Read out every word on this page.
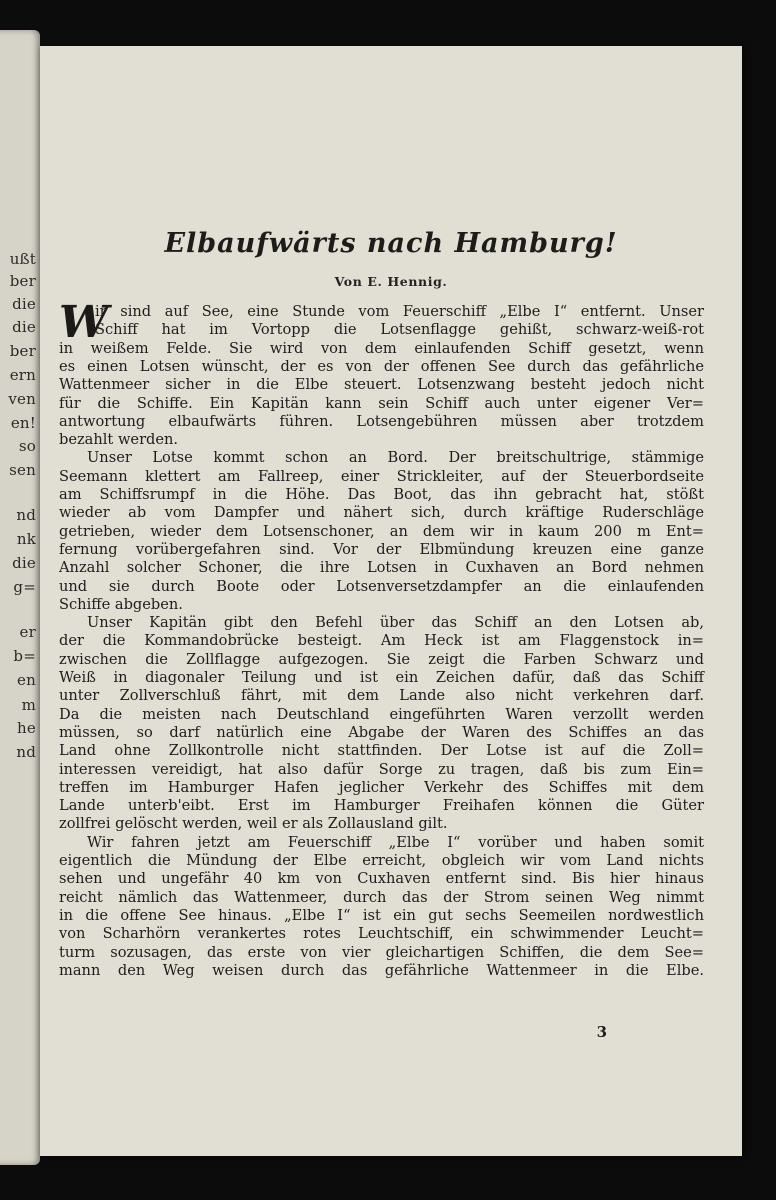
ußt
ber
die
die
ber
ern
ven
en!
so
sen
nd
nk
die
g=
er
b=
en
m
he
nd
Elbaufwärts nach Hamburg!
Von E. Hennig.
W
ir sind auf See, eine Stunde vom Feuerschiff „Elbe I“ entfernt. Unser
Schiff hat im Vortopp die Lotsenflagge gehißt, schwarz-weiß-rot
in weißem Felde. Sie wird von dem einlaufenden Schiff gesetzt, wenn
es einen Lotsen wünscht, der es von der offenen See durch das gefährliche
Wattenmeer sicher in die Elbe steuert. Lotsenzwang besteht jedoch nicht
für die Schiffe. Ein Kapitän kann sein Schiff auch unter eigener Ver=
antwortung elbaufwärts führen. Lotsengebühren müssen aber trotzdem
bezahlt werden.
Unser Lotse kommt schon an Bord. Der breitschultrige, stämmige
Seemann klettert am Fallreep, einer Strickleiter, auf der Steuerbordseite
am Schiffsrumpf in die Höhe. Das Boot, das ihn gebracht hat, stößt
wieder ab vom Dampfer und nähert sich, durch kräftige Ruderschläge
getrieben, wieder dem Lotsenschoner, an dem wir in kaum 200 m Ent=
fernung vorübergefahren sind. Vor der Elbmündung kreuzen eine ganze
Anzahl solcher Schoner, die ihre Lotsen in Cuxhaven an Bord nehmen
und sie durch Boote oder Lotsenversetzdampfer an die einlaufenden
Schiffe abgeben.
Unser Kapitän gibt den Befehl über das Schiff an den Lotsen ab,
der die Kommandobrücke besteigt. Am Heck ist am Flaggenstock in=
zwischen die Zollflagge aufgezogen. Sie zeigt die Farben Schwarz und
Weiß in diagonaler Teilung und ist ein Zeichen dafür, daß das Schiff
unter Zollverschluß fährt, mit dem Lande also nicht verkehren darf.
Da die meisten nach Deutschland eingeführten Waren verzollt werden
müssen, so darf natürlich eine Abgabe der Waren des Schiffes an das
Land ohne Zollkontrolle nicht stattfinden. Der Lotse ist auf die Zoll=
interessen vereidigt, hat also dafür Sorge zu tragen, daß bis zum Ein=
treffen im Hamburger Hafen jeglicher Verkehr des Schiffes mit dem
Lande unterb'eibt. Erst im Hamburger Freihafen können die Güter
zollfrei gelöscht werden, weil er als Zollausland gilt.
Wir fahren jetzt am Feuerschiff „Elbe I“ vorüber und haben somit
eigentlich die Mündung der Elbe erreicht, obgleich wir vom Land nichts
sehen und ungefähr 40 km von Cuxhaven entfernt sind. Bis hier hinaus
reicht nämlich das Wattenmeer, durch das der Strom seinen Weg nimmt
in die offene See hinaus. „Elbe I“ ist ein gut sechs Seemeilen nordwestlich
von Scharhörn verankertes rotes Leuchtschiff, ein schwimmender Leucht=
turm sozusagen, das erste von vier gleichartigen Schiffen, die dem See=
mann den Weg weisen durch das gefährliche Wattenmeer in die Elbe.
3
